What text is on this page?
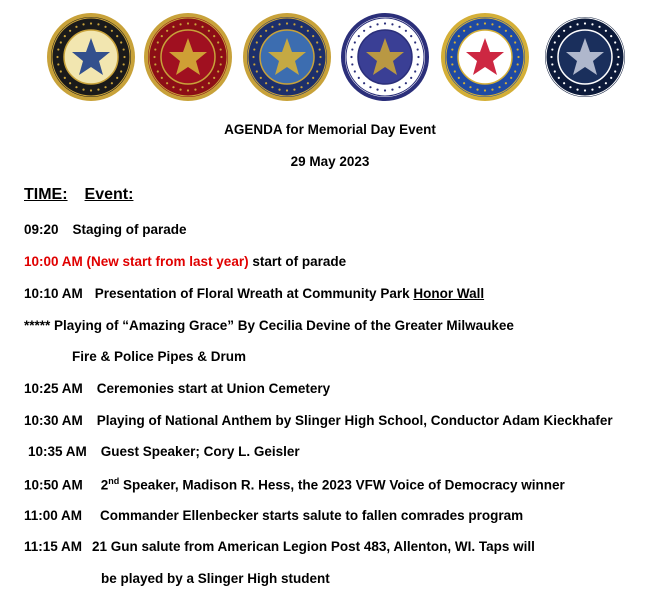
AGENDA for Memorial Day Event
29 May 2023
TIME: Event:
09:20 Staging of parade
10:00 AM (New start from last year) start of parade
10:10 AM Presentation of Floral Wreath at Community Park Honor Wall
***** Playing of “Amazing Grace” By Cecilia Devine of the Greater Milwaukee
Fire & Police Pipes & Drum
10:25 AM Ceremonies start at Union Cemetery
10:30 AM Playing of National Anthem by Slinger High School, Conductor Adam Kieckhafer
10:35 AM Guest Speaker; Cory L. Geisler
10:50 AM 2nd Speaker, Madison R. Hess, the 2023 VFW Voice of Democracy winner
11:00 AM Commander Ellenbecker starts salute to fallen comrades program
11:15 AM 21 Gun salute from American Legion Post 483, Allenton, WI. Taps will
be played by a Slinger High student
